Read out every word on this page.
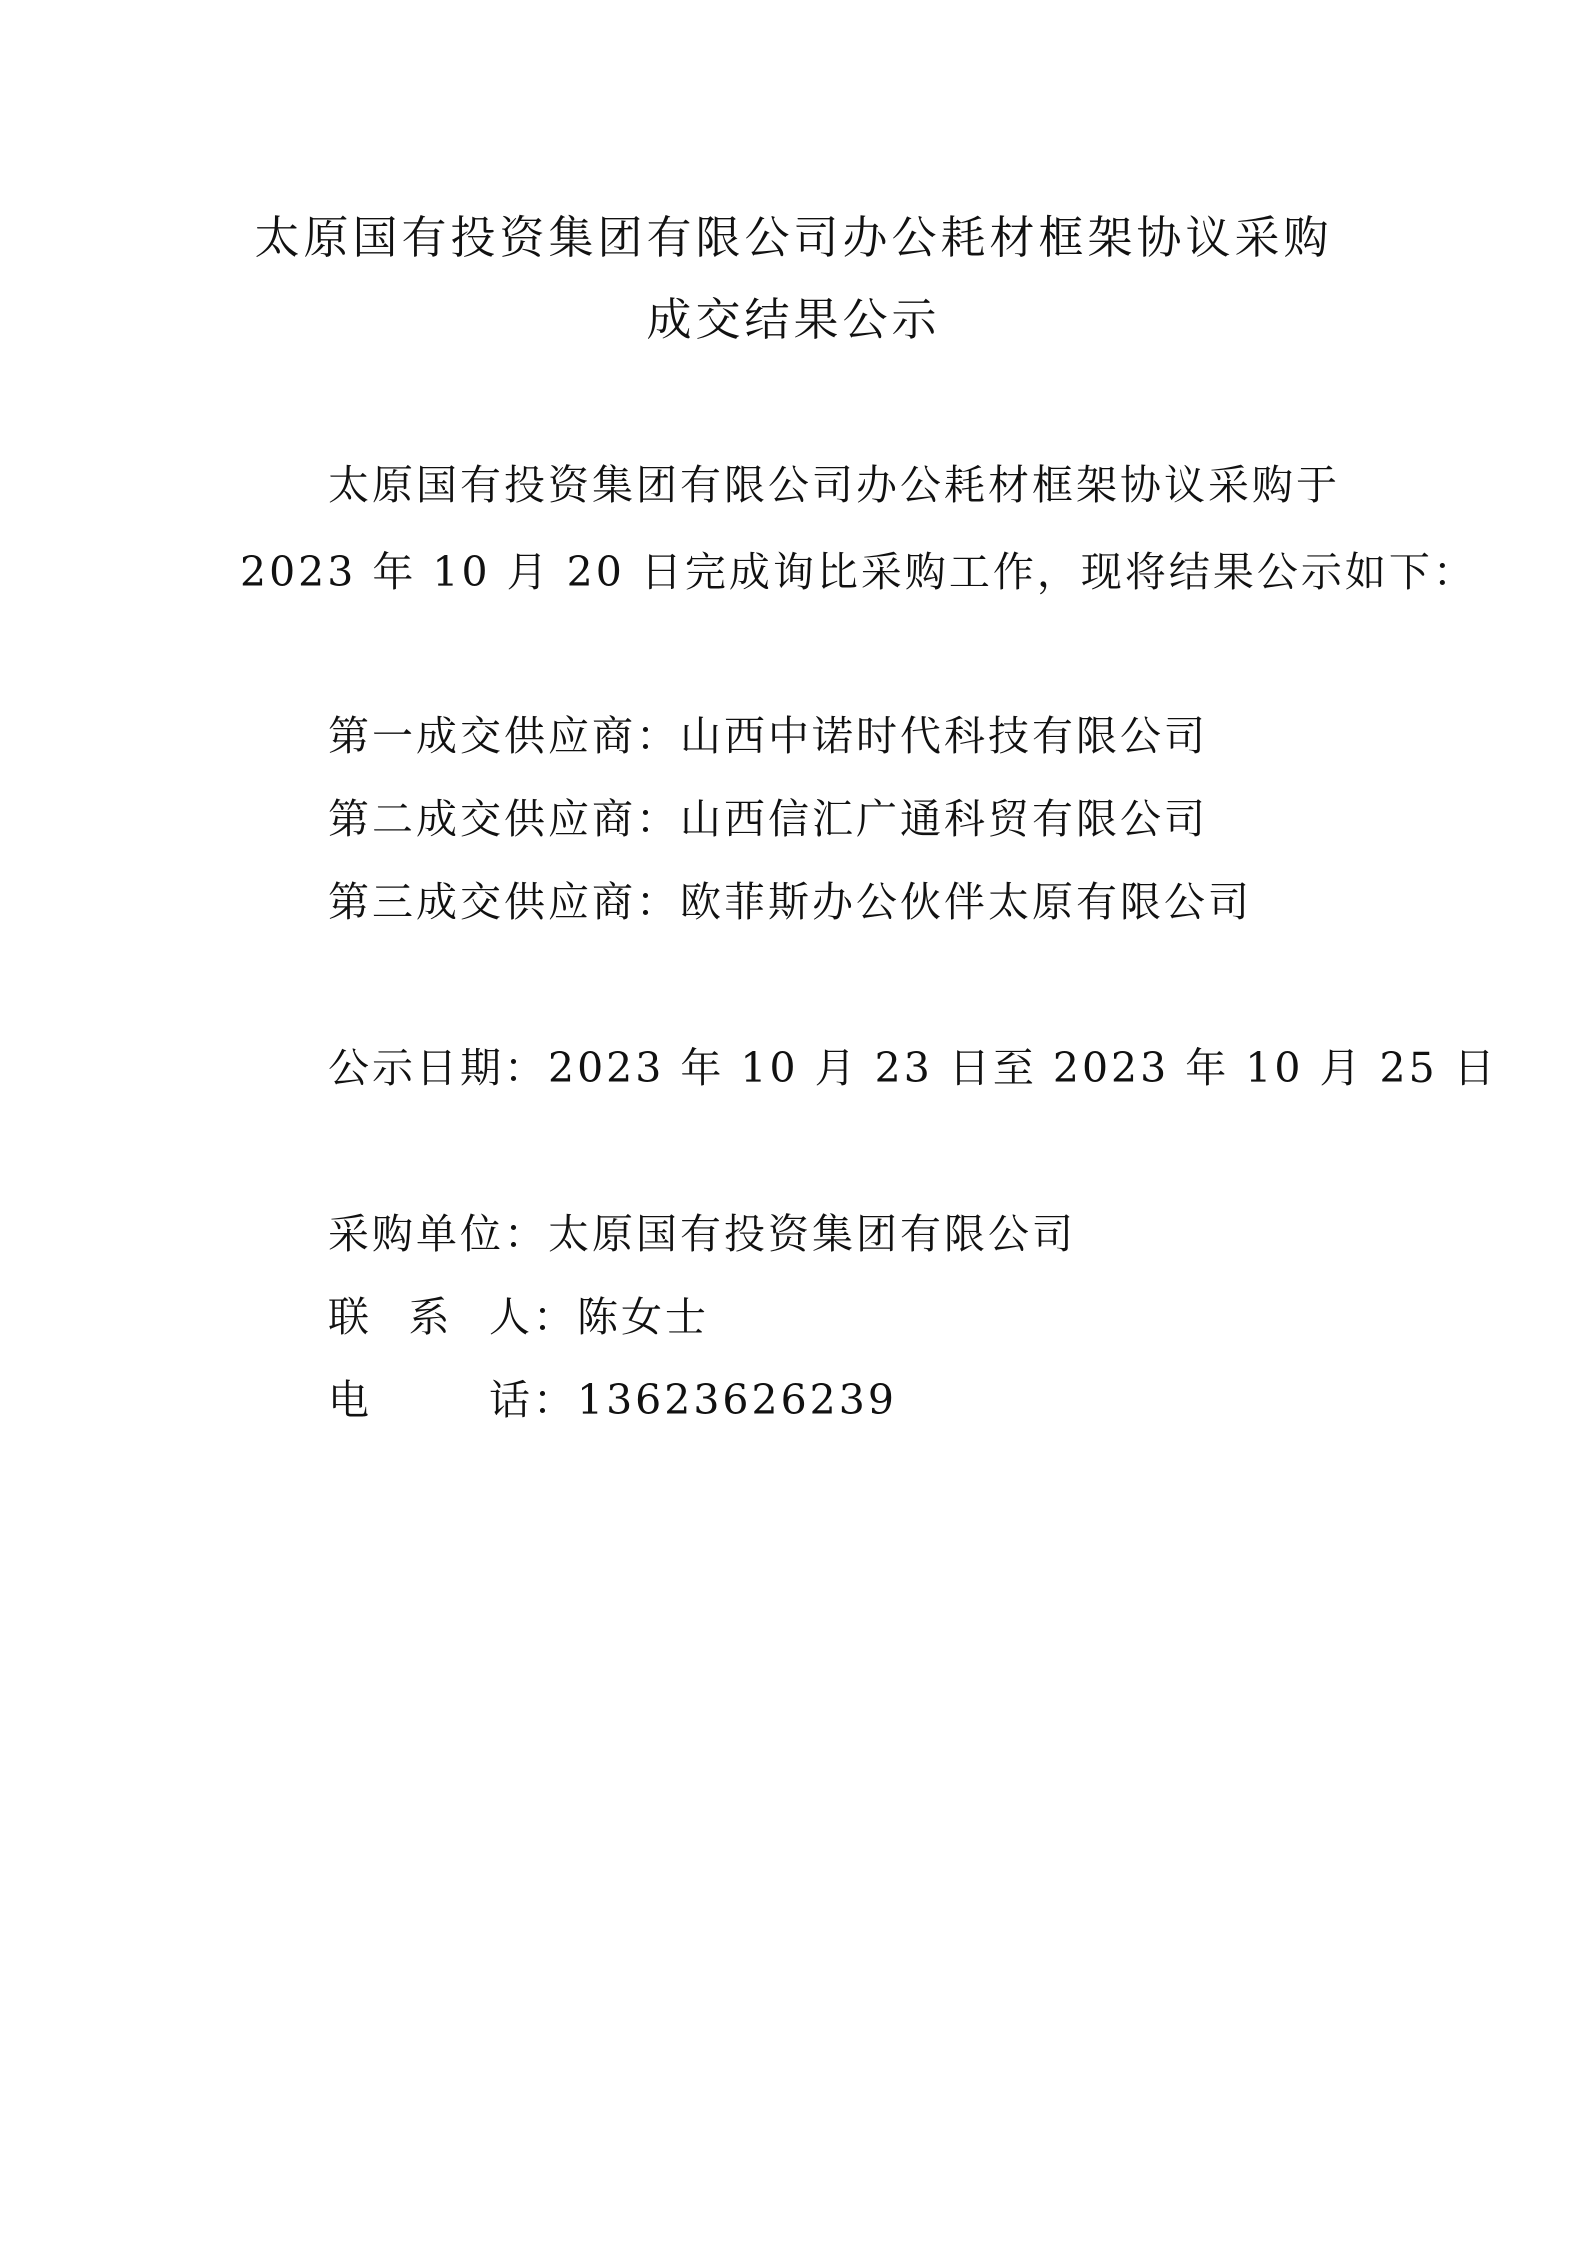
太原国有投资集团有限公司办公耗材框架协议采购
成交结果公示
太原国有投资集团有限公司办公耗材框架协议采购于
2023 年 10 月 20 日完成询比采购工作，现将结果公示如下：
第一成交供应商： 山西中诺时代科技有限公司
第二成交供应商： 山西信汇广通科贸有限公司
第三成交供应商： 欧菲斯办公伙伴太原有限公司
公示日期： 2023 年 10 月 23 日至 2023 年 10 月 25 日
采购单位： 太原国有投资集团有限公司
联 系 人 ： 陈女士
电	话 ： 13623626239
